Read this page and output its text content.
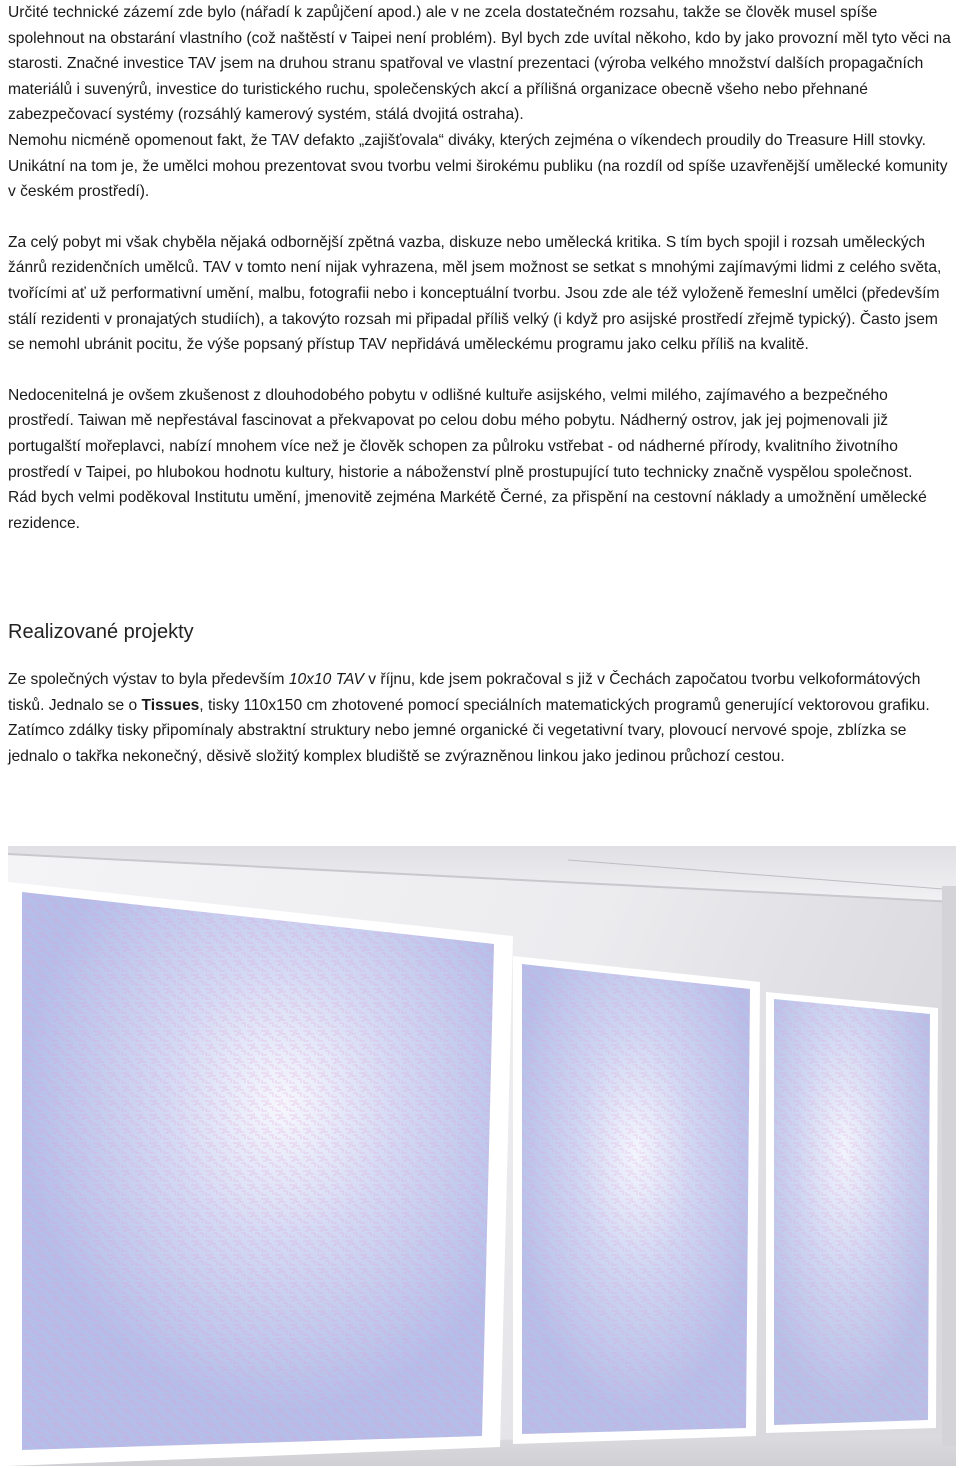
Určité technické zázemí zde bylo (nářadí k zapůjčení apod.) ale v ne zcela dostatečném rozsahu, takže se člověk musel spíše spolehnout na obstarání vlastního (což naštěstí v Taipei není problém). Byl bych zde uvítal někoho, kdo by jako provozní měl tyto věci na starosti. Značné investice TAV jsem na druhou stranu spatřoval ve vlastní prezentaci (výroba velkého množství dalších propagačních materiálů i suvenýrů, investice do turistického ruchu, společenských akcí a přílišná organizace obecně všeho nebo přehnané zabezpečovací systémy (rozsáhlý kamerový systém, stálá dvojitá ostraha).

Nemohu nicméně opomenout fakt, že TAV defakto „zajišťovala“ diváky, kterých zejména o víkendech proudily do Treasure Hill stovky. Unikátní na tom je, že umělci mohou prezentovat svou tvorbu velmi širokému publiku (na rozdíl od spíše uzavřenější umělecké komunity v českém prostředí).

Za celý pobyt mi však chyběla nějaká odbornější zpětná vazba, diskuze nebo umělecká kritika. S tím bych spojil i rozsah uměleckých žánrů rezidenčních umělců. TAV v tomto není nijak vyhrazena, měl jsem možnost se setkat s mnohými zajímavými lidmi z celého světa, tvořícími ať už performativní umění, malbu, fotografii nebo i konceptuální tvorbu. Jsou zde ale též vyloženě řemeslní umělci (především stálí rezidenti v pronajatých studiích), a takovýto rozsah mi připadal příliš velký (i když pro asijské prostředí zřejmě typický). Často jsem se nemohl ubránit pocitu, že výše popsaný přístup TAV nepřidává uměleckému programu jako celku příliš na kvalitě.

Nedocenitelná je ovšem zkušenost z dlouhodobého pobytu v odlišné kultuře asijského, velmi milého, zajímavého a bezpečného prostředí. Taiwan mě nepřestával fascinovat a překvapovat po celou dobu mého pobytu. Nádherný ostrov, jak jej pojmenovali již portugalští mořeplavci, nabízí mnohem více než je člověk schopen za půlroku vstřebat - od nádherné přírody, kvalitního životního prostředí v Taipei, po hlubokou hodnotu kultury, historie a náboženství plně prostupující tuto technicky značně vyspělou společnost.

Rád bych velmi poděkoval Institutu umění, jmenovitě zejména Markétě Černé, za přispění na cestovní náklady a umožnění umělecké rezidence.

Realizované projekty

Ze společných výstav to byla především 10x10 TAV v říjnu, kde jsem pokračoval s již v Čechách započatou tvorbu velkoformátových tisků. Jednalo se o Tissues, tisky 110x150 cm zhotovené pomocí speciálních matematických programů generující vektorovou grafiku. Zatímco zdálky tisky připomínaly abstraktní struktury nebo jemné organické či vegetativní tvary, plovoucí nervové spoje, zblízka se jednalo o takřka nekonečný, děsivě složitý komplex bludiště se zvýrazněnou linkou jako jedinou průchozí cestou.
